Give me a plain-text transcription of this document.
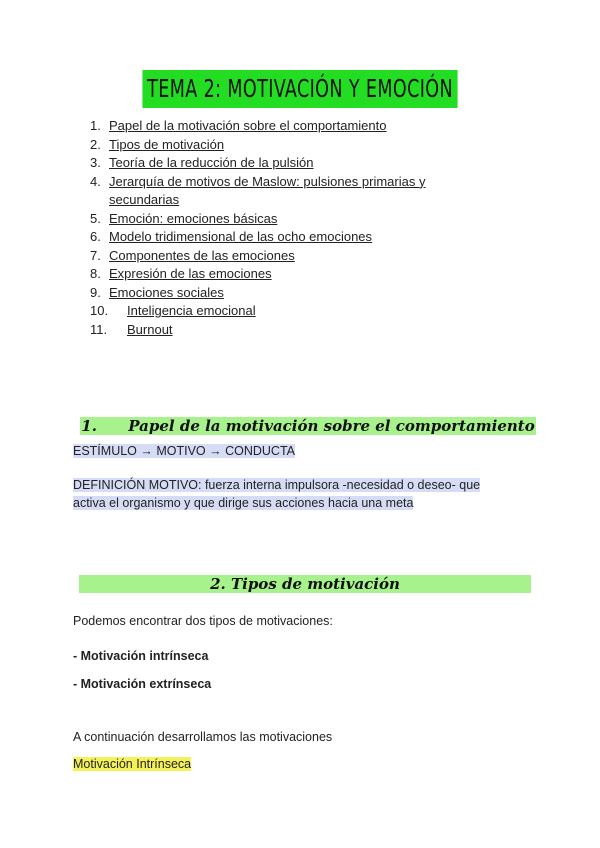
TEMA 2: MOTIVACIÓN Y EMOCIÓN
1. Papel de la motivación sobre el comportamiento
2. Tipos de motivación
3. Teoría de la reducción de la pulsión
4. Jerarquía de motivos de Maslow: pulsiones primarias y
secundarias
5. Emoción: emociones básicas
6. Modelo tridimensional de las ocho emociones
7. Componentes de las emociones
8. Expresión de las emociones
9. Emociones sociales
10.	Inteligencia emocional
11.	Burnout
1. Papel de la motivación sobre el comportamiento
ESTÍMULO → MOTIVO → CONDUCTA
DEFINICIÓN MOTIVO: fuerza interna impulsora -necesidad o deseo- que
activa el organismo y que dirige sus acciones hacia una meta
2. Tipos de motivación
Podemos encontrar dos tipos de motivaciones:
- Motivación intrínseca
- Motivación extrínseca
A continuación desarrollamos las motivaciones
Motivación Intrínseca
